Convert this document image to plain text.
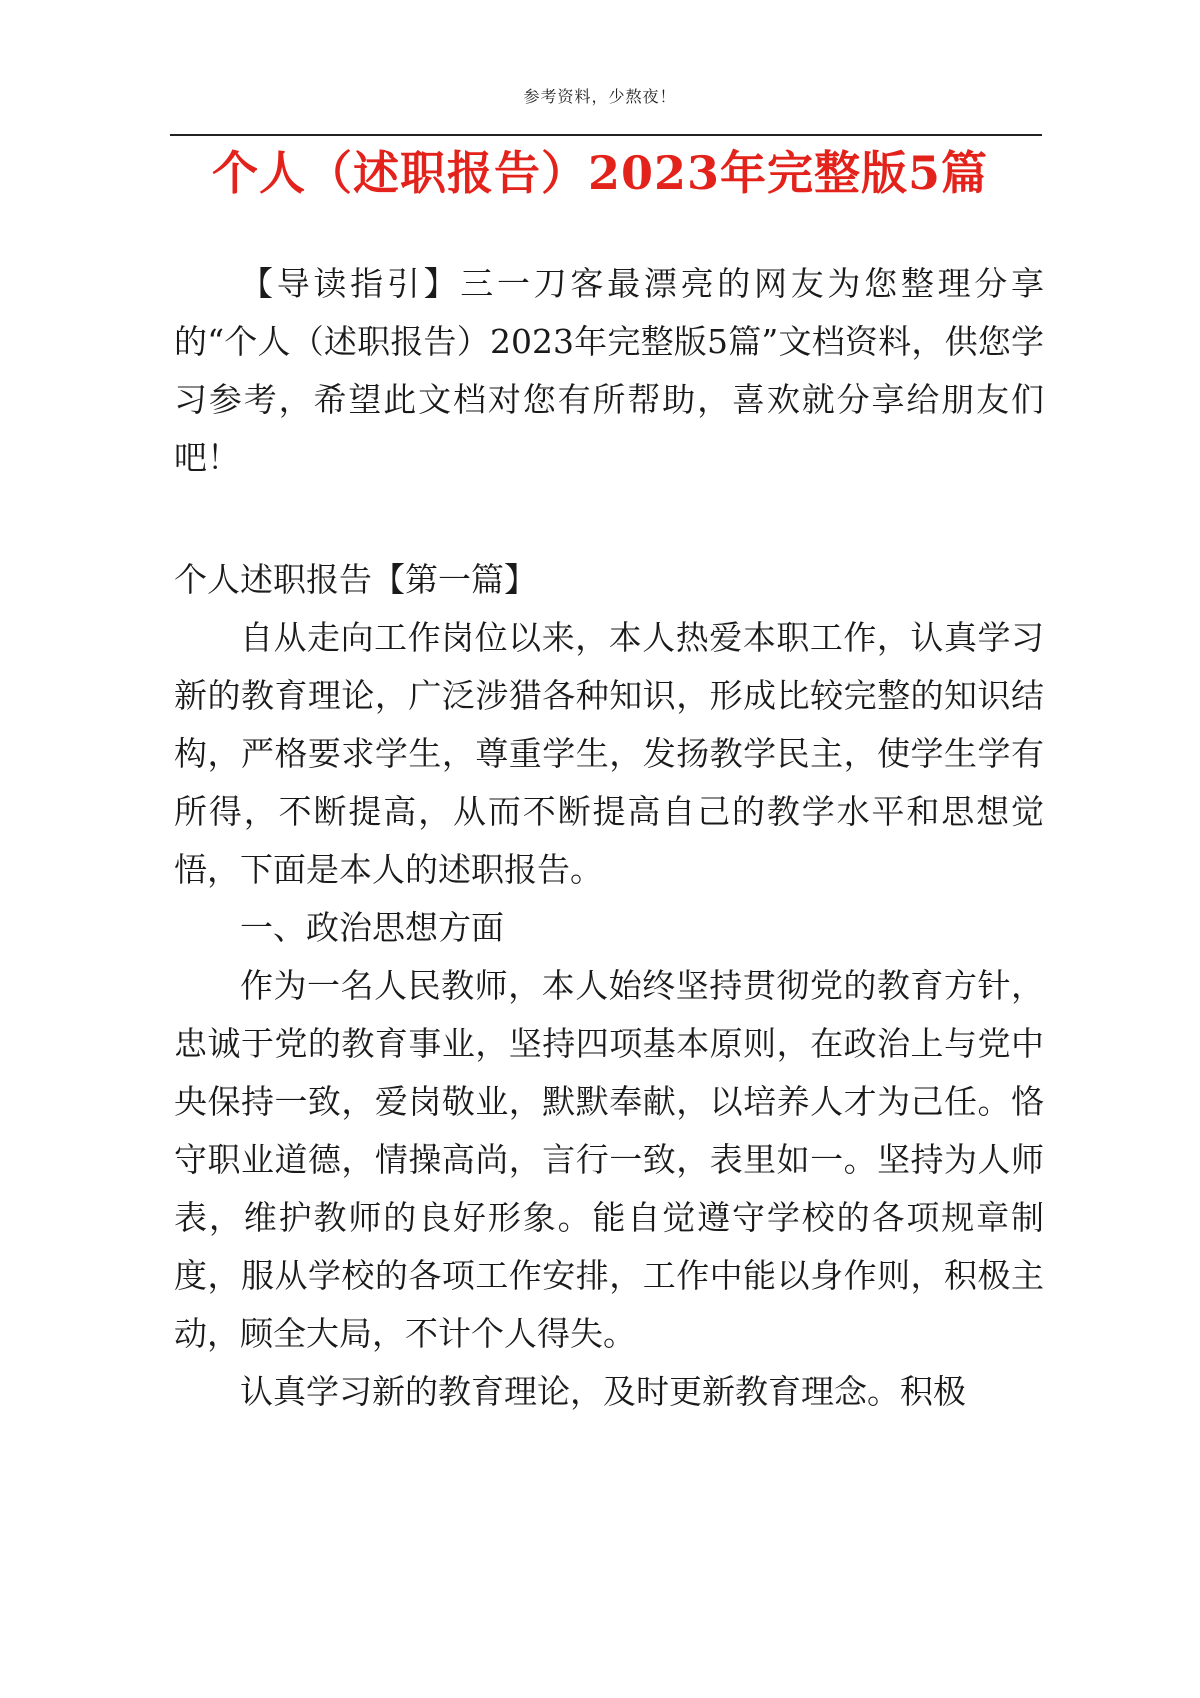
参考资料，少熬夜！
个人（述职报告）2023年完整版5篇

【导读指引】三一刀客最漂亮的网友为您整理分享的“个人（述职报告）2023年完整版5篇”文档资料，供您学习参考，希望此文档对您有所帮助，喜欢就分享给朋友们吧！

个人述职报告【第一篇】

自从走向工作岗位以来，本人热爱本职工作，认真学习新的教育理论，广泛涉猎各种知识，形成比较完整的知识结构，严格要求学生，尊重学生，发扬教学民主，使学生学有所得，不断提高，从而不断提高自己的教学水平和思想觉悟，下面是本人的述职报告。

一、政治思想方面

作为一名人民教师，本人始终坚持贯彻党的教育方针，忠诚于党的教育事业，坚持四项基本原则，在政治上与党中央保持一致，爱岗敬业，默默奉献，以培养人才为己任。恪守职业道德，情操高尚，言行一致，表里如一。坚持为人师表，维护教师的良好形象。能自觉遵守学校的各项规章制度，服从学校的各项工作安排，工作中能以身作则，积极主动，顾全大局，不计个人得失。

认真学习新的教育理论，及时更新教育理念。积极
